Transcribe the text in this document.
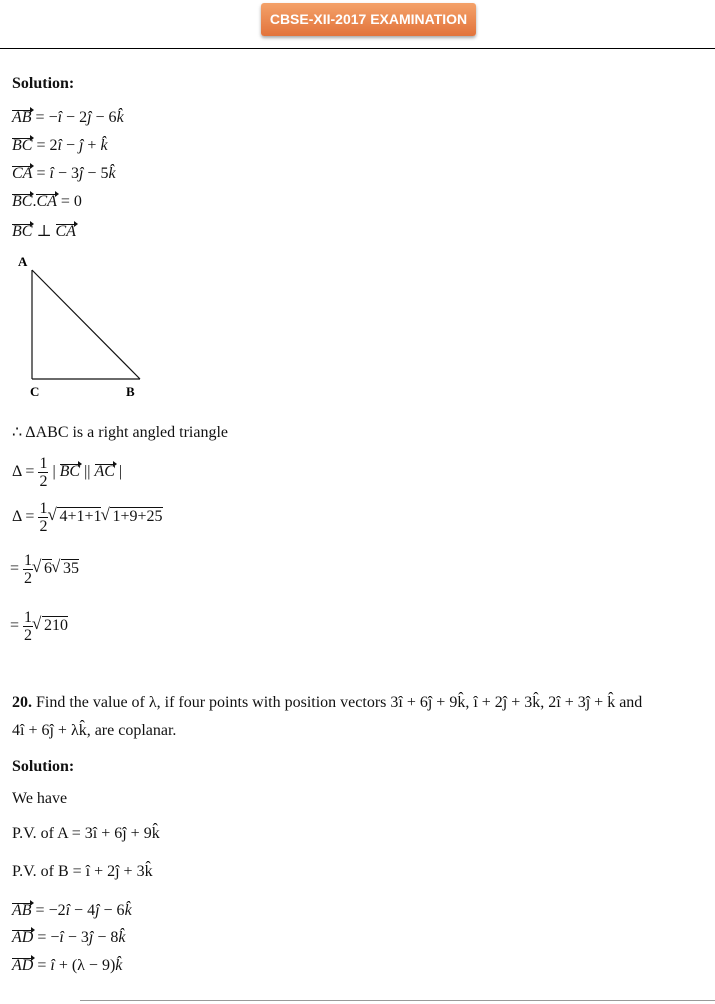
CBSE-XII-2017 EXAMINATION
Solution:
AB = −î − 2ĵ − 6k̂
BC = 2î − ĵ + k̂
CA = î − 3ĵ − 5k̂
BC.CA = 0
BC ⊥ CA
A
C	B
∴ ΔABC is a right angled triangle
$\Delta = \frac{1}{2}$ | BC || AC |
$\Delta = \frac{1}{2}$ √ 4+1+1 √ 1+9+25
= $\frac{1}{2}$ √ 6 √ 35
= $\frac{1}{2}$ √ 210
20. Find the value of λ, if four points with position vectors 3î + 6ĵ + 9k̂, î + 2ĵ + 3k̂, 2î + 3ĵ + k̂ and
4î + 6ĵ + λk̂, are coplanar.
Solution:
We have
P.V. of A = 3î + 6ĵ + 9k̂
P.V. of B = î + 2ĵ + 3k̂
AB = −2î − 4ĵ − 6k̂
AD = −î − 3ĵ − 8k̂
AD = î + (λ − 9)k̂
